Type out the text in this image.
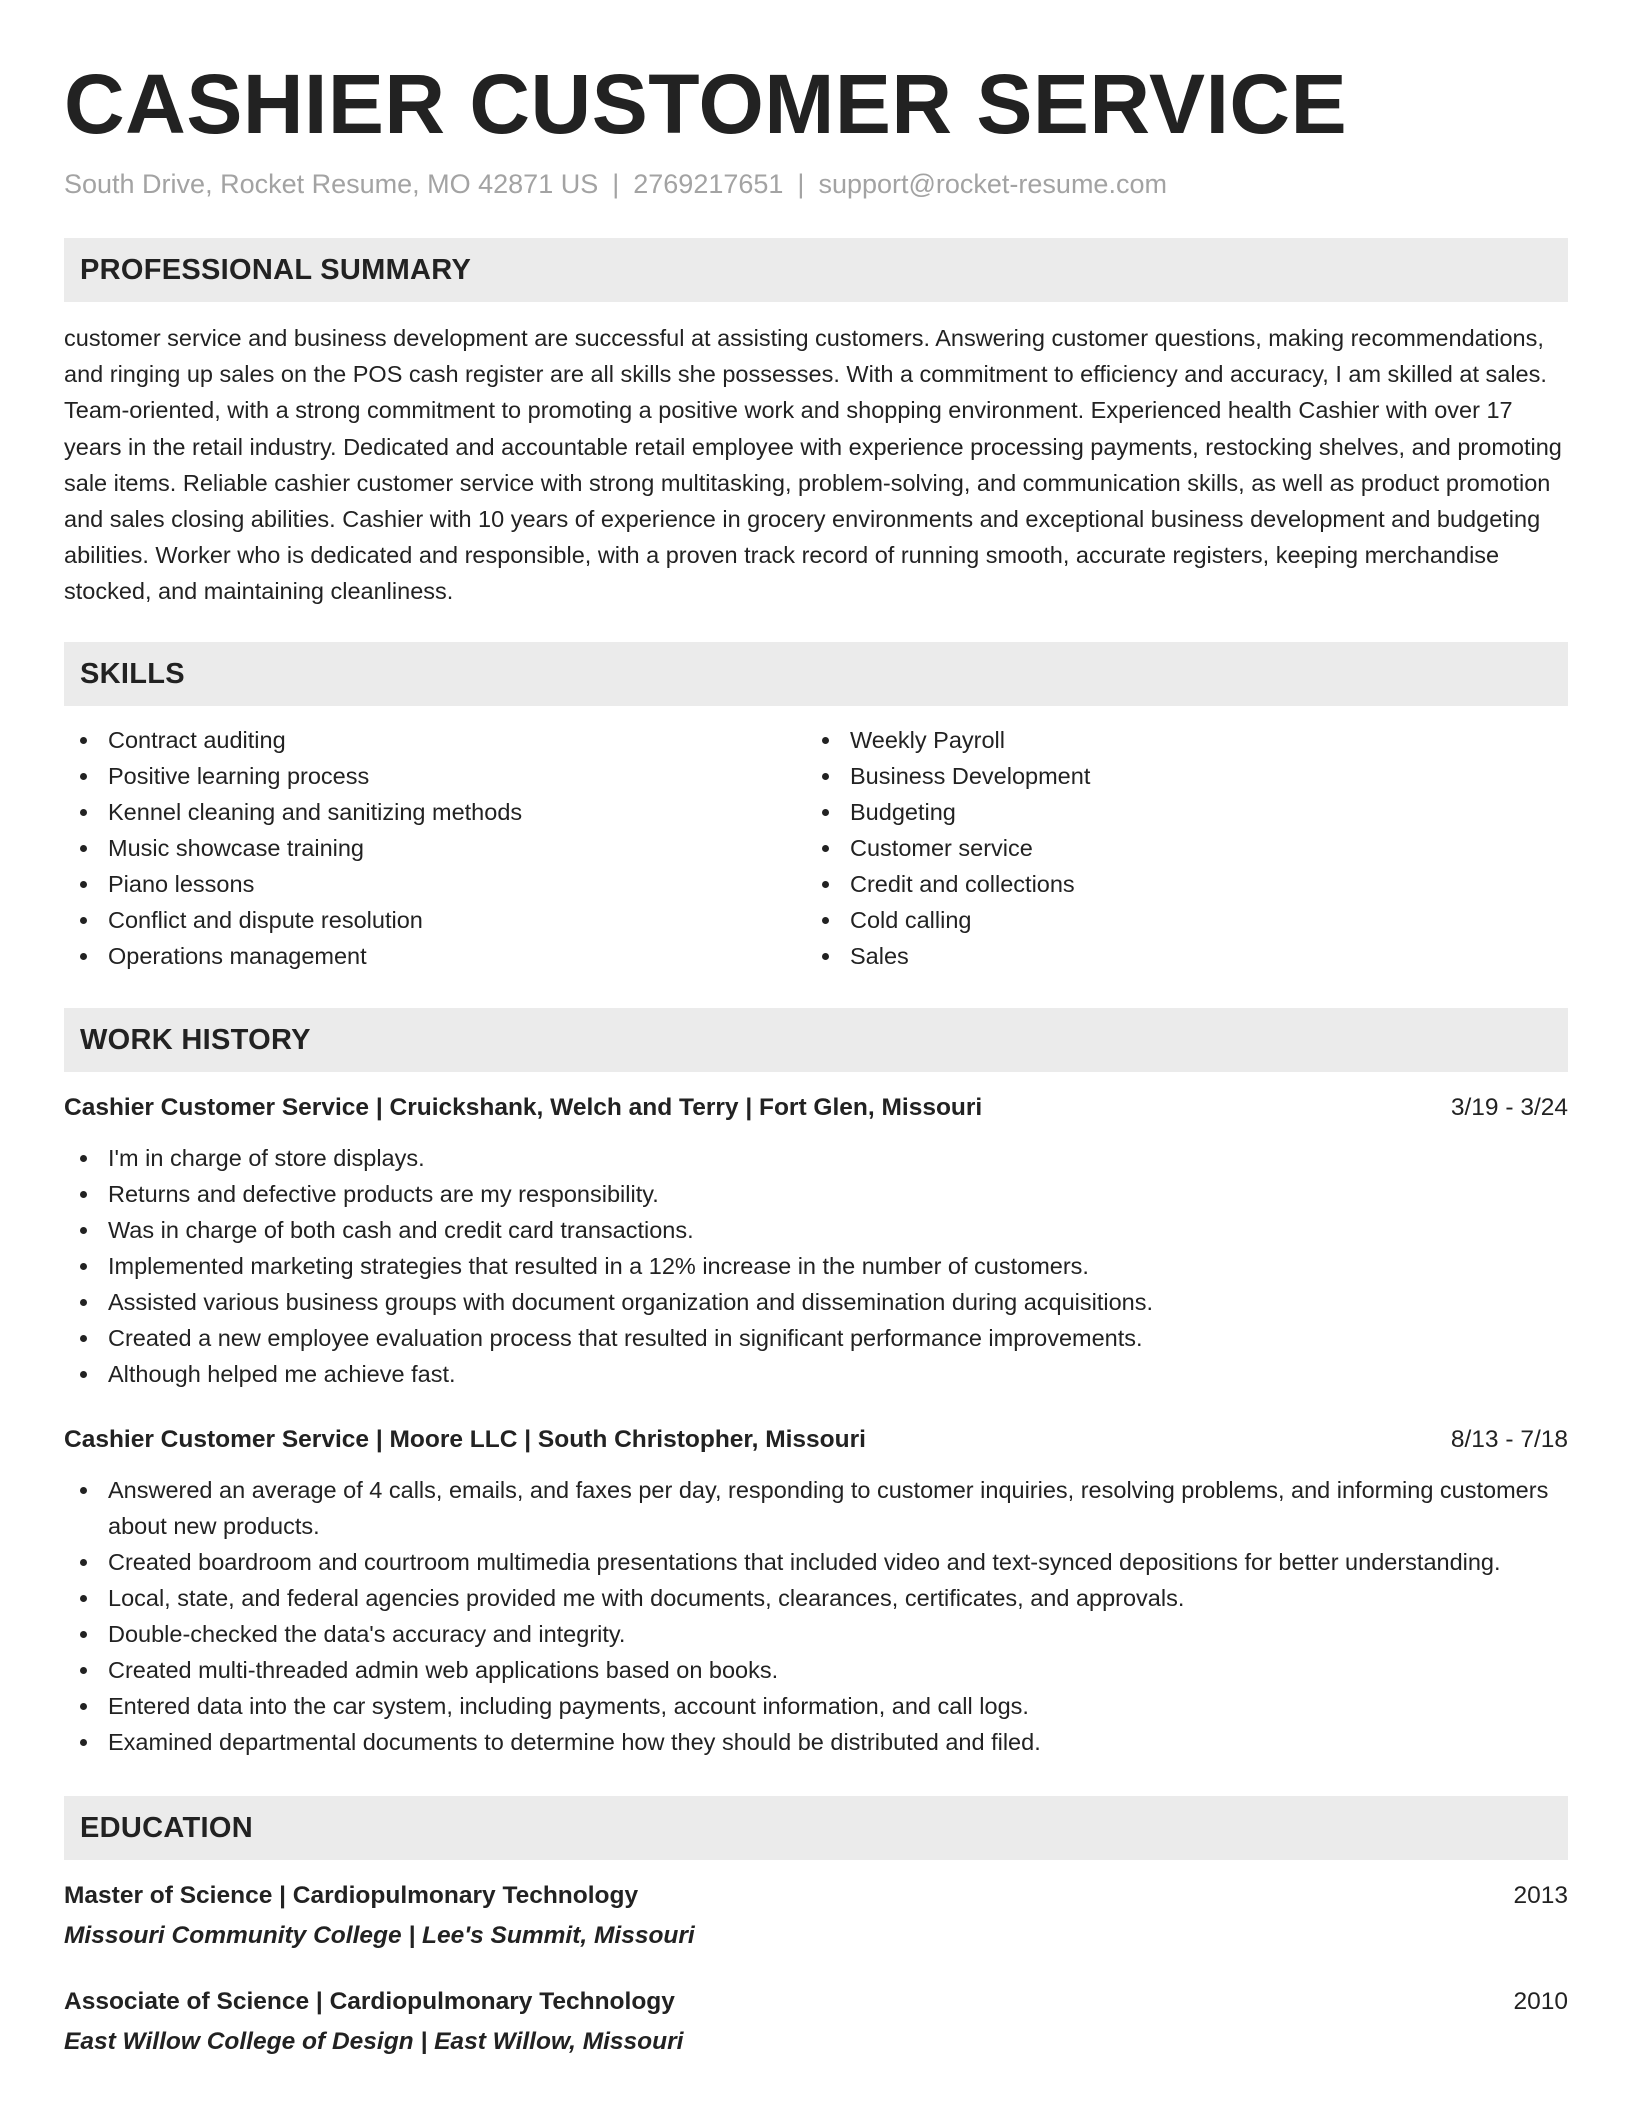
CASHIER CUSTOMER SERVICE
South Drive, Rocket Resume, MO 42871 US | 2769217651 | support@rocket-resume.com
PROFESSIONAL SUMMARY

customer service and business development are successful at assisting customers. Answering customer questions, making recommendations, and ringing up sales on the POS cash register are all skills she possesses. With a commitment to efficiency and accuracy, I am skilled at sales. Team-oriented, with a strong commitment to promoting a positive work and shopping environment. Experienced health Cashier with over 17 years in the retail industry. Dedicated and accountable retail employee with experience processing payments, restocking shelves, and promoting sale items. Reliable cashier customer service with strong multitasking, problem-solving, and communication skills, as well as product promotion and sales closing abilities. Cashier with 10 years of experience in grocery environments and exceptional business development and budgeting abilities. Worker who is dedicated and responsible, with a proven track record of running smooth, accurate registers, keeping merchandise stocked, and maintaining cleanliness.

SKILLS
Contract auditing
Positive learning process
Kennel cleaning and sanitizing methods
Music showcase training
Piano lessons
Conflict and dispute resolution
Operations management
Weekly Payroll
Business Development
Budgeting
Customer service
Credit and collections
Cold calling
Sales
WORK HISTORY
Cashier Customer Service | Cruickshank, Welch and Terry | Fort Glen, Missouri	3/19 - 3/24
I'm in charge of store displays.
Returns and defective products are my responsibility.
Was in charge of both cash and credit card transactions.
Implemented marketing strategies that resulted in a 12% increase in the number of customers.
Assisted various business groups with document organization and dissemination during acquisitions.
Created a new employee evaluation process that resulted in significant performance improvements.
Although helped me achieve fast.
Cashier Customer Service | Moore LLC | South Christopher, Missouri	8/13 - 7/18
Answered an average of 4 calls, emails, and faxes per day, responding to customer inquiries, resolving problems, and informing customers about new products.
Created boardroom and courtroom multimedia presentations that included video and text-synced depositions for better understanding.
Local, state, and federal agencies provided me with documents, clearances, certificates, and approvals.
Double-checked the data's accuracy and integrity.
Created multi-threaded admin web applications based on books.
Entered data into the car system, including payments, account information, and call logs.
Examined departmental documents to determine how they should be distributed and filed.
EDUCATION
Master of Science | Cardiopulmonary Technology	2013
Missouri Community College | Lee's Summit, Missouri
Associate of Science | Cardiopulmonary Technology	2010
East Willow College of Design | East Willow, Missouri
